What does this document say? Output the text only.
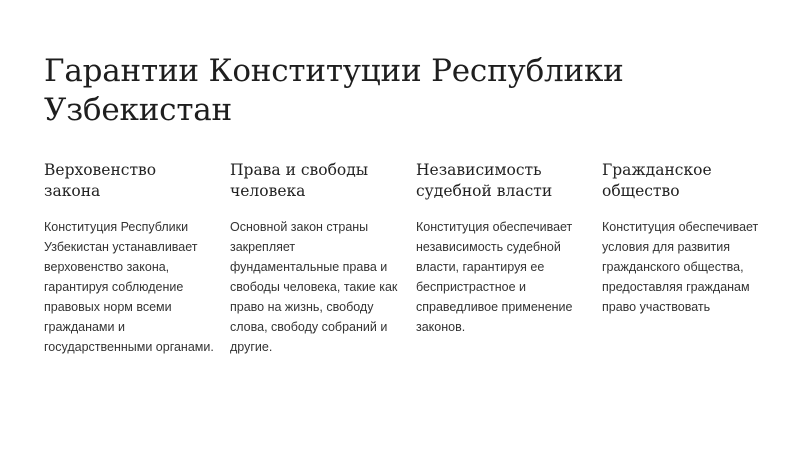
Гарантии Конституции Республики Узбекистан
Верховенство закона

Конституция Республики Узбекистан устанавливает верховенство закона, гарантируя соблюдение правовых норм всеми гражданами и государственными органами.

Права и свободы человека

Основной закон страны закрепляет фундаментальные права и свободы человека, такие как право на жизнь, свободу слова, свободу собраний и другие.

Независимость судебной власти

Конституция обеспечивает независимость судебной власти, гарантируя ее беспристрастное и справедливое применение законов.

Гражданское общество

Конституция обеспечивает условия для развития гражданского общества, предоставляя гражданам право участвовать
